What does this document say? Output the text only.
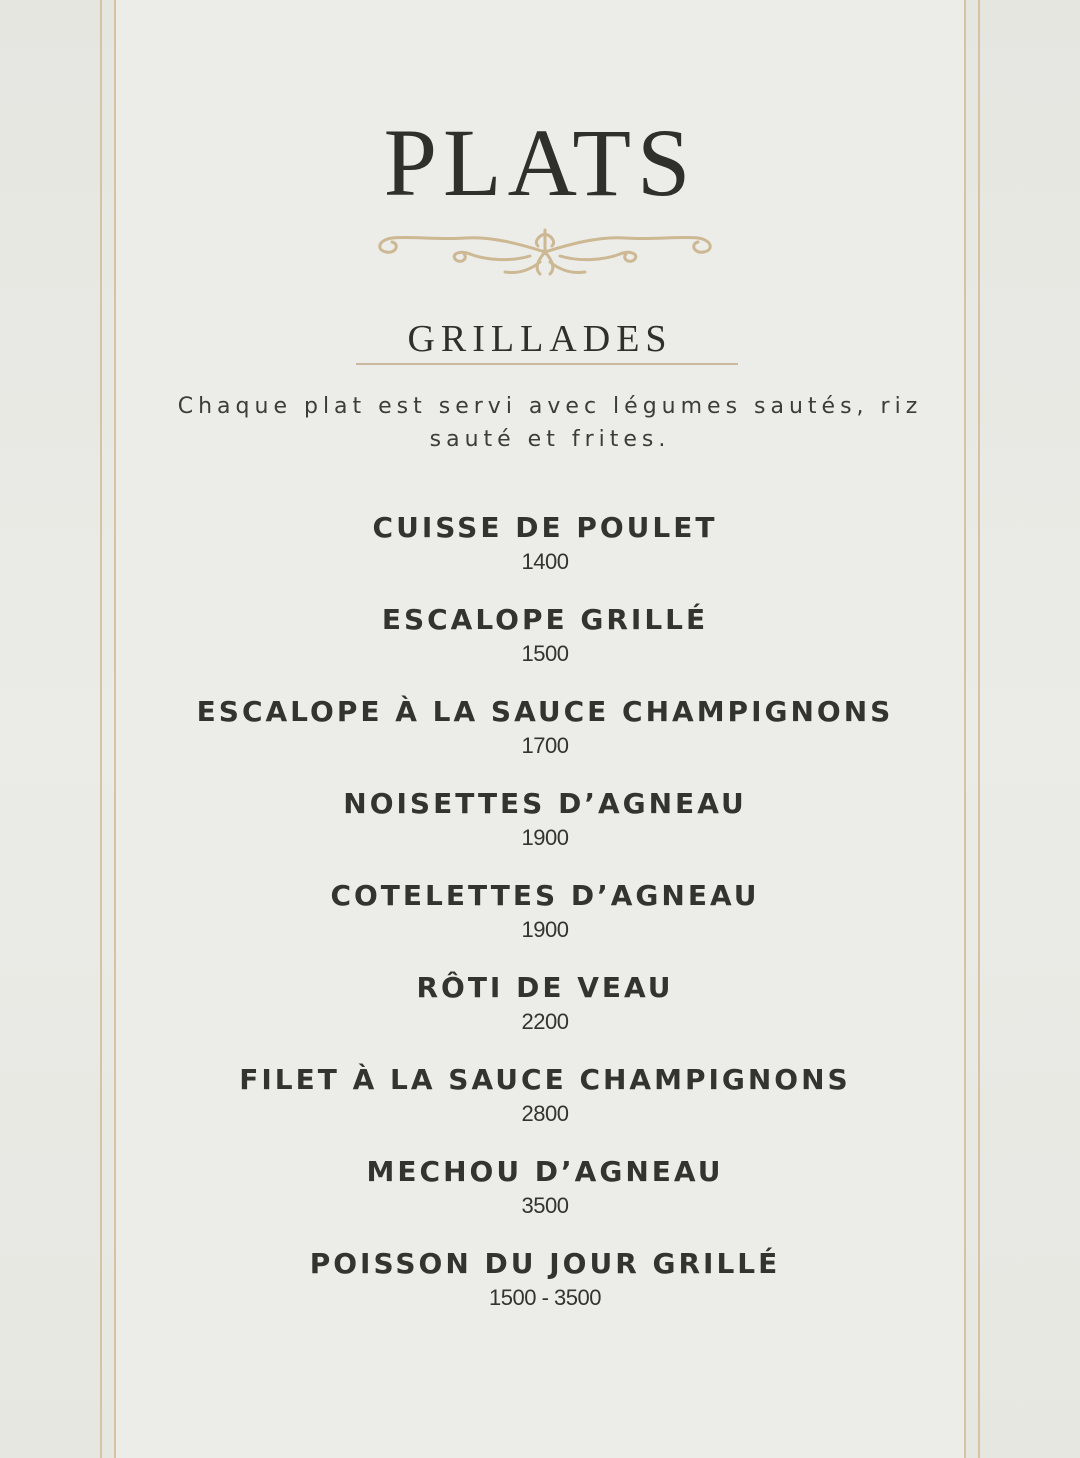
PLATS
GRILLADES
Chaque plat est servi avec légumes sautés, riz sauté et frites.
CUISSE DE POULET
1400
ESCALOPE GRILLÉ
1500
ESCALOPE À LA SAUCE CHAMPIGNONS
1700
NOISETTES D’AGNEAU
1900
COTELETTES D’AGNEAU
1900
RÔTI DE VEAU
2200
FILET À LA SAUCE CHAMPIGNONS
2800
MECHOU D’AGNEAU
3500
POISSON DU JOUR GRILLÉ
1500 - 3500
